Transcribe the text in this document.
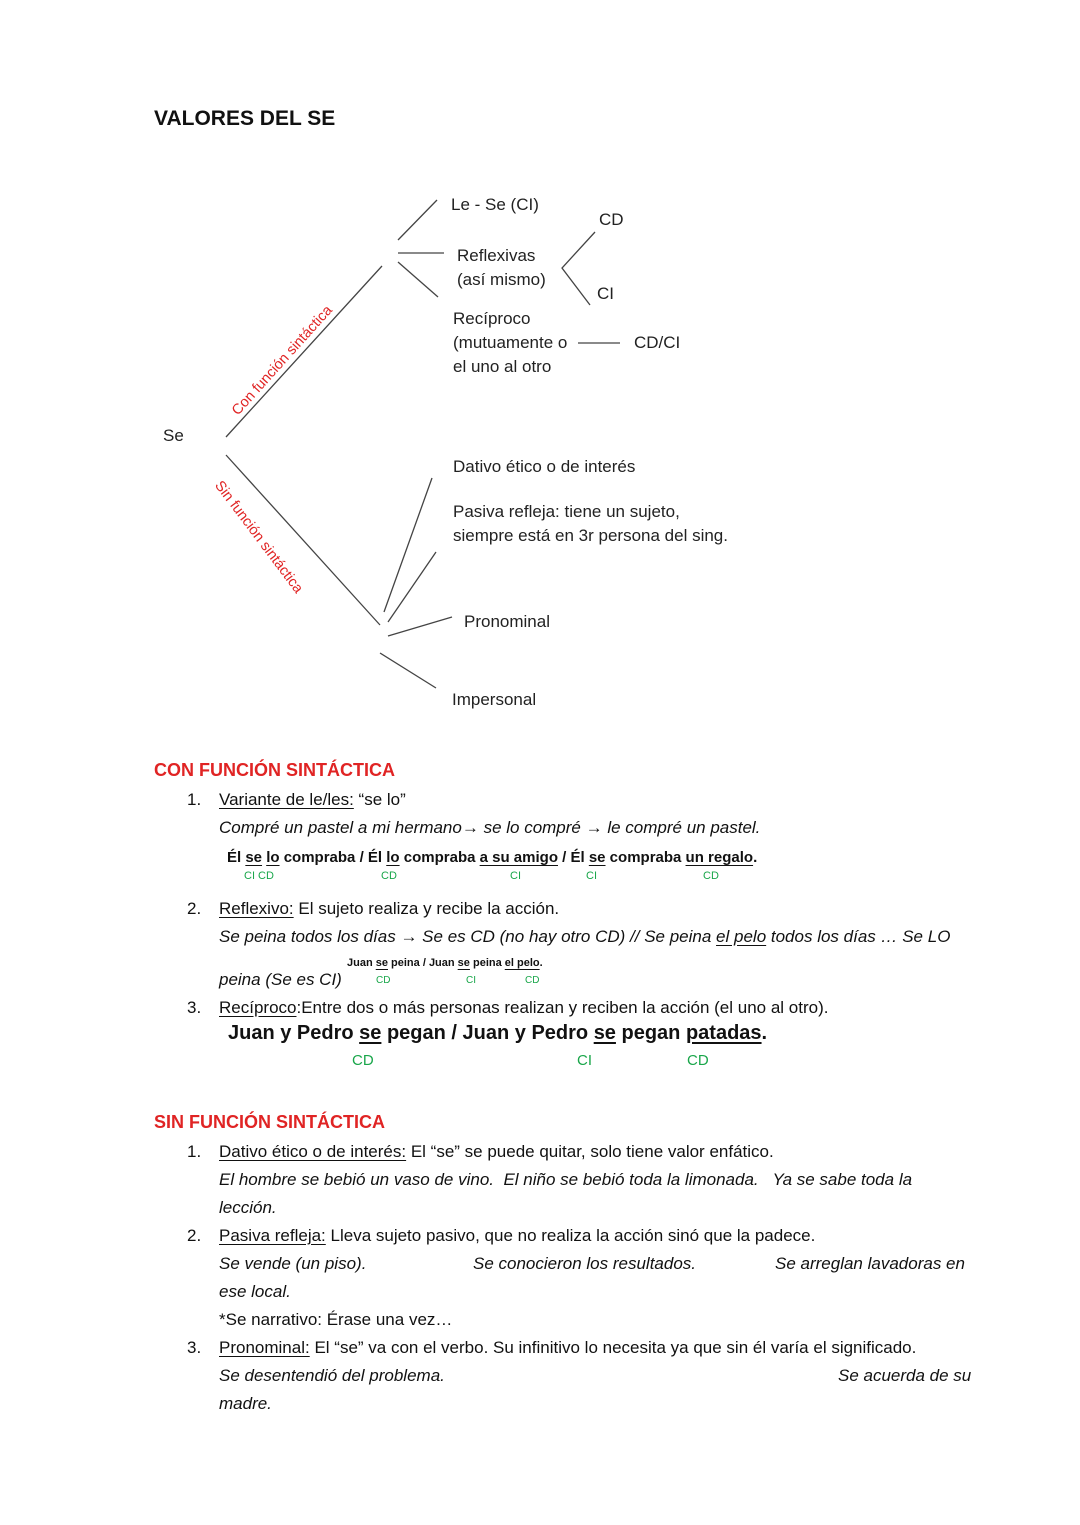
VALORES DEL SE
Se
Con función sintáctica
Sin función sintáctica
Le - Se (CI)
Reflexivas
(así mismo)
CD
CI
Recíproco
(mutuamente o
el uno al otro
CD/CI
Dativo ético o de interés
Pasiva refleja: tiene un sujeto,
siempre está en 3r persona del sing.
Pronominal
Impersonal
CON FUNCIÓN SINTÁCTICA
1. Variante de le/les: “se lo”
Compré un pastel a mi hermano→ se lo compré → le compré un pastel.
Él se lo compraba / Él lo compraba a su amigo / Él se compraba un regalo.
CI CD	CD	CI	CI	CD
2. Reflexivo: El sujeto realiza y recibe la acción.
Se peina todos los días → Se es CD (no hay otro CD) // Se peina el pelo todos los días … Se LO
Juan se peina / Juan se peina el pelo.
CD	CI	CD
peina (Se es CI)
3. Recíproco:Entre dos o más personas realizan y reciben la acción (el uno al otro).
Juan y Pedro se pegan / Juan y Pedro se pegan patadas.
CD	CI	CD
SIN FUNCIÓN SINTÁCTICA
1. Dativo ético o de interés: El “se” se puede quitar, solo tiene valor enfático.
El hombre se bebió un vaso de vino.  El niño se bebió toda la limonada.   Ya se sabe toda la
lección.
2. Pasiva refleja: Lleva sujeto pasivo, que no realiza la acción sinó que la padece.
Se vende (un piso).	Se conocieron los resultados.	Se arreglan lavadoras en
ese local.
*Se narrativo: Érase una vez…
3. Pronominal: El “se” va con el verbo. Su infinitivo lo necesita ya que sin él varía el significado.
Se desentendió del problema.	Se acuerda de su
madre.
